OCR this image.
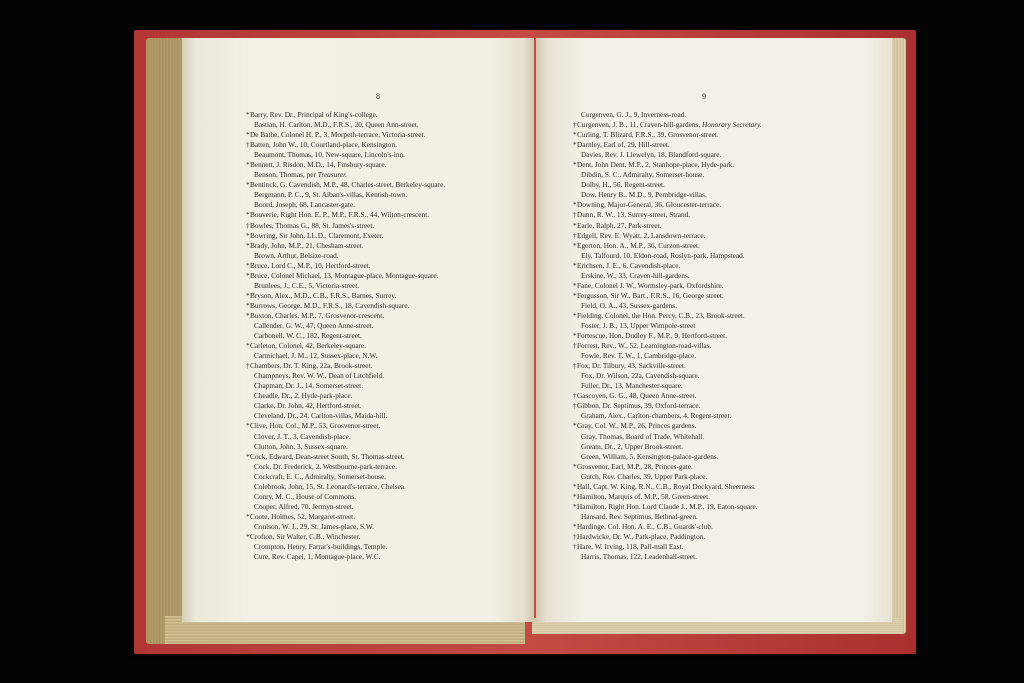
8
*Barry, Rev. Dr., Principal of King's-college.
Bastian, H. Carlton, M.D., F.R.S., 20, Queen Ann-street.
*De Bathe, Colonel H. P., 3, Morpeth-terrace, Victoria-street.
†Batten, John W., 10, Courtland-place, Kensington.
Beaumont, Thomas, 10, New-square, Lincoln's-inn.
*Bennett, J. Risdon, M.D., 14, Finsbury-square.
Benson, Thomas, per Treasurer.
*Bentinck, G. Cavendish, M.P., 48, Charles-street, Berkeley-square.
Bergmann, P. C., 9, St. Alban's-villas, Kentish-town.
Boord, Joseph, 68, Lancaster-gate.
*Bouverie, Right Hon. E. P., M.P., F.R.S., 44, Wilton-crescent.
†Bowles, Thomas G., 88, St. James's-street.
*Bowring, Sir John, LL.D., Claremont, Exeter.
*Brady, John, M.P., 21, Chesham-street.
Brown, Arthur, Belsize-road.
*Bruce, Lord C., M.P., 10, Hertford-street.
*Bruce, Colonel Michael, 13, Montague-place, Montague-square.
Brunlees, J., C.E., 5, Victoria-street.
*Bryson, Alex., M.D., C.B., F.R.S., Barnes, Surrey.
*Burrows, George, M.D., F.R.S., 18, Cavendish-square.
*Buxton, Charles, M.P., 7, Grosvenor-crescent.
Callender, G. W., 47, Queen Anne-street.
Carbonell, W. C., 182, Regent-street.
*Carleton, Colonel, 42, Berkeley-square.
Carmichael, J. M., 12, Sussex-place, N.W.
†Chambers, Dr. T. King, 22a, Brook-street.
Champneys, Rev. W. W., Dean of Litchfield.
Chapman, Dr. J., 14, Somerset-street.
Cheadle, Dr., 2, Hyde-park-place.
Clarke, Dr. John, 42, Hertford-street.
Cleveland, Dr., 24, Carlton-villas, Maida-hill.
*Clive, Hon. Col., M.P., 53, Grosvenor-street.
Clover, J. T., 3, Cavendish-place.
Clutton, John, 3, Sussex-square.
*Cock, Edward, Dean-street South, St. Thomas-street.
Cock, Dr. Frederick, 2, Westbourne-park-terrace.
Cockcraft, E. C., Admiralty, Somerset-house.
Colebrook, John, 15, St. Leonard's-terrace, Chelsea.
Conry, M. C., House of Commons.
Cooper, Alfred, 70, Jermyn-street.
*Coote, Holmes, 52, Margaret-street.
Coulson, W. J., 29, St. James-place, S.W.
*Crofton, Sir Walter, C.B., Winchester.
Crompton, Henry, Farrar's-buildings, Temple.
Cure, Rev. Capel, 1, Montague-place, W.C.
9
Curgenven, G. J., 9, Inverness-road.
†Curgenven, J. B., 11, Craven-hill-gardens, Honorary Secretary.
*Curling, T. Blizard, F.R.S., 39, Grosvenor-street.
*Darnley, Earl of, 29, Hill-street.
Davies, Rev. J. Llewelyn, 18, Blandford-square.
*Dent, John Dent, M.P., 2, Stanhope-place, Hyde-park.
Dibdin, S. C., Admiralty, Somerset-house.
Dolby, H., 56, Regent-street.
Dow, Henry B., M.D., 9, Pembridge-villas.
*Downing, Major-General, 36, Gloucester-terrace.
†Dunn, R. W., 13, Surrey-street, Strand.
*Earle, Ralph, 27, Park-street.
†Edgell, Rev. E. Wyatt, 2, Lansdown-terrace.
*Egerton, Hon. A., M.P., 36, Curzon-street.
Ely, Talfourd, 10, Eldon-road, Roslyn-park, Hampstead.
*Erichsen, J. E., 6, Cavendish-place.
Erskine, W., 33, Craven-hill-gardens.
*Fane, Colonel J. W., Wormsley-park, Oxfordshire.
*Fergusson, Sir W., Bart., F.R.S., 16, George street.
Field, O. A., 43, Sussex-gardens.
*Fielding, Colonel, the Hon. Percy, C.B., 23, Brook-street.
Foster, J. B., 13, Upper Wimpole-street
*Fortescue, Hon. Dudley F., M.P., 9, Hertford-street.
†Forrest, Rev., W., 52, Leamington-road-villas.
Fowle, Rev. T. W., 1, Cambridge-place.
†Fox, Dr. Tilbury, 43, Sackville-street.
Fox, Dr. Wilson, 22a, Cavendish-square.
Fuller, Dr., 13, Manchester-square.
†Gascoyen, G. G., 48, Queen Anne-street.
†Gibbon, Dr. Septimus, 39, Oxford-terrace.
Graham, Alex., Carlton-chambers, 4, Regent-street.
*Gray, Col. W., M.P., 26, Princes gardens.
Gray, Thomas, Board of Trade, Whitehall.
Gream, Dr., 2, Upper Brook-street.
Green, William, 5, Kensington-palace-gardens.
*Grosvenor, Earl, M.P., 28, Princes-gate.
Gutch, Rev. Charles, 39, Upper Park-place.
*Hall, Capt. W. King, R.N., C.B., Royal Dockyard, Sheerness.
*Hamilton, Marquis of, M.P., 58, Green-street.
*Hamilton, Right Hon. Lord Claude J., M.P., 19, Eaton-square.
Hansard, Rev. Septimus, Bethnal-green.
*Hardinge, Col. Hon. A. E., C.B., Guards'-club.
†Hardwicke, Dr. W., Park-place, Paddington.
†Hare, W. Irving, 118, Pall-mall East.
Harris, Thomas, 122, Leadenhall-street.
